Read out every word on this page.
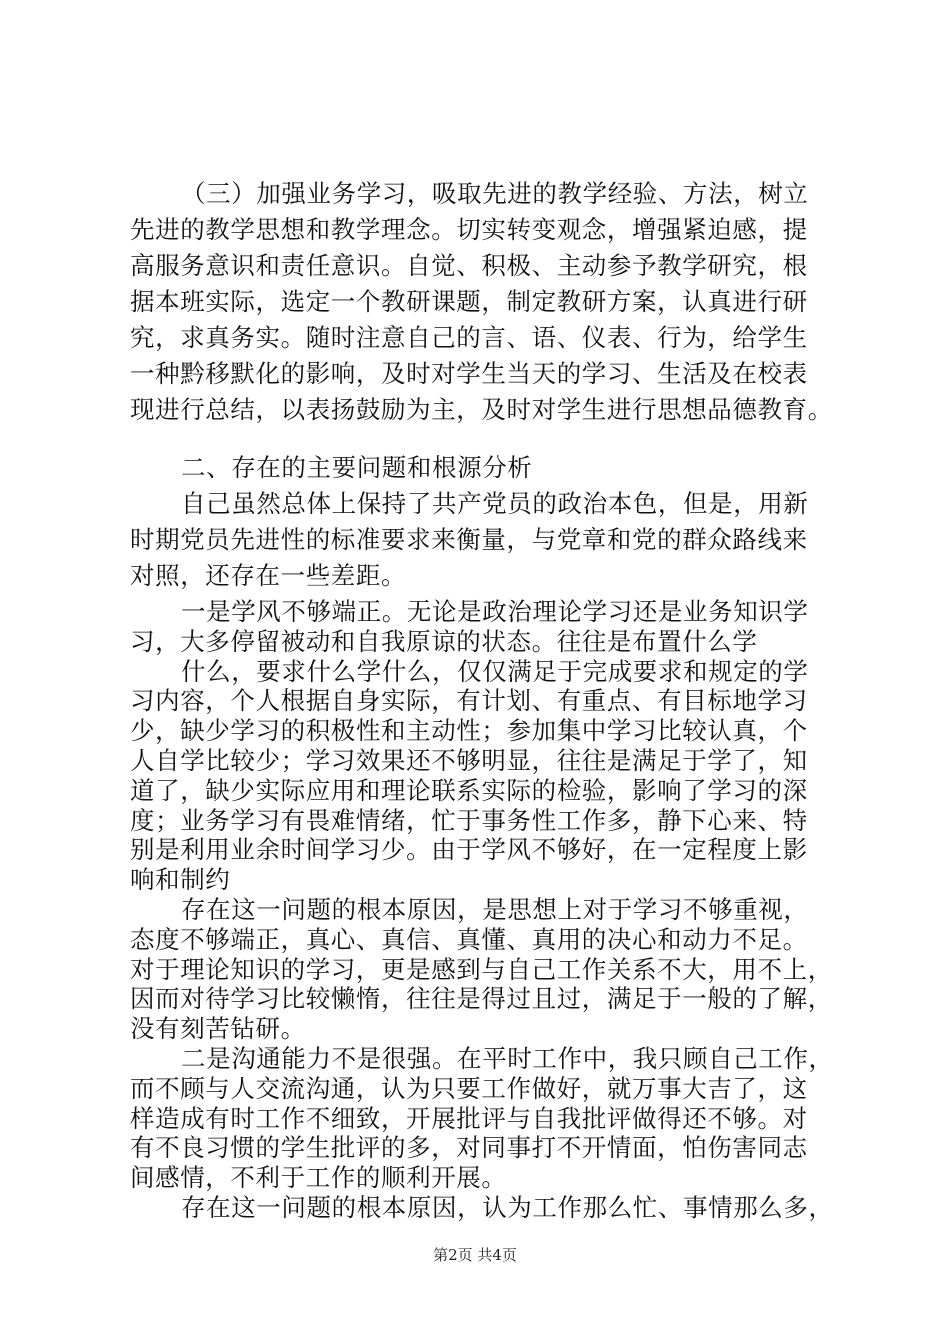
（三）加强业务学习，吸取先进的教学经验、方法，树立
先进的教学思想和教学理念。切实转变观念，增强紧迫感，提
高服务意识和责任意识。自觉、积极、主动参予教学研究，根
据本班实际，选定一个教研课题，制定教研方案，认真进行研
究，求真务实。随时注意自己的言、语、仪表、行为，给学生
一种黔移默化的影响，及时对学生当天的学习、生活及在校表
现进行总结，以表扬鼓励为主，及时对学生进行思想品德教育。
二、存在的主要问题和根源分析
自己虽然总体上保持了共产党员的政治本色，但是，用新
时期党员先进性的标准要求来衡量，与党章和党的群众路线来
对照，还存在一些差距。
一是学风不够端正。无论是政治理论学习还是业务知识学
习，大多停留被动和自我原谅的状态。往往是布置什么学
什么，要求什么学什么，仅仅满足于完成要求和规定的学
习内容，个人根据自身实际，有计划、有重点、有目标地学习
少，缺少学习的积极性和主动性；参加集中学习比较认真，个
人自学比较少；学习效果还不够明显，往往是满足于学了，知
道了，缺少实际应用和理论联系实际的检验，影响了学习的深
度；业务学习有畏难情绪，忙于事务性工作多，静下心来、特
别是利用业余时间学习少。由于学风不够好，在一定程度上影
响和制约
存在这一问题的根本原因，是思想上对于学习不够重视，
态度不够端正，真心、真信、真懂、真用的决心和动力不足。
对于理论知识的学习，更是感到与自己工作关系不大，用不上，
因而对待学习比较懒惰，往往是得过且过，满足于一般的了解，
没有刻苦钻研。
二是沟通能力不是很强。在平时工作中，我只顾自己工作，
而不顾与人交流沟通，认为只要工作做好，就万事大吉了，这
样造成有时工作不细致，开展批评与自我批评做得还不够。对
有不良习惯的学生批评的多，对同事打不开情面，怕伤害同志
间感情，不利于工作的顺利开展。
存在这一问题的根本原因，认为工作那么忙、事情那么多，
第2页 共4页
